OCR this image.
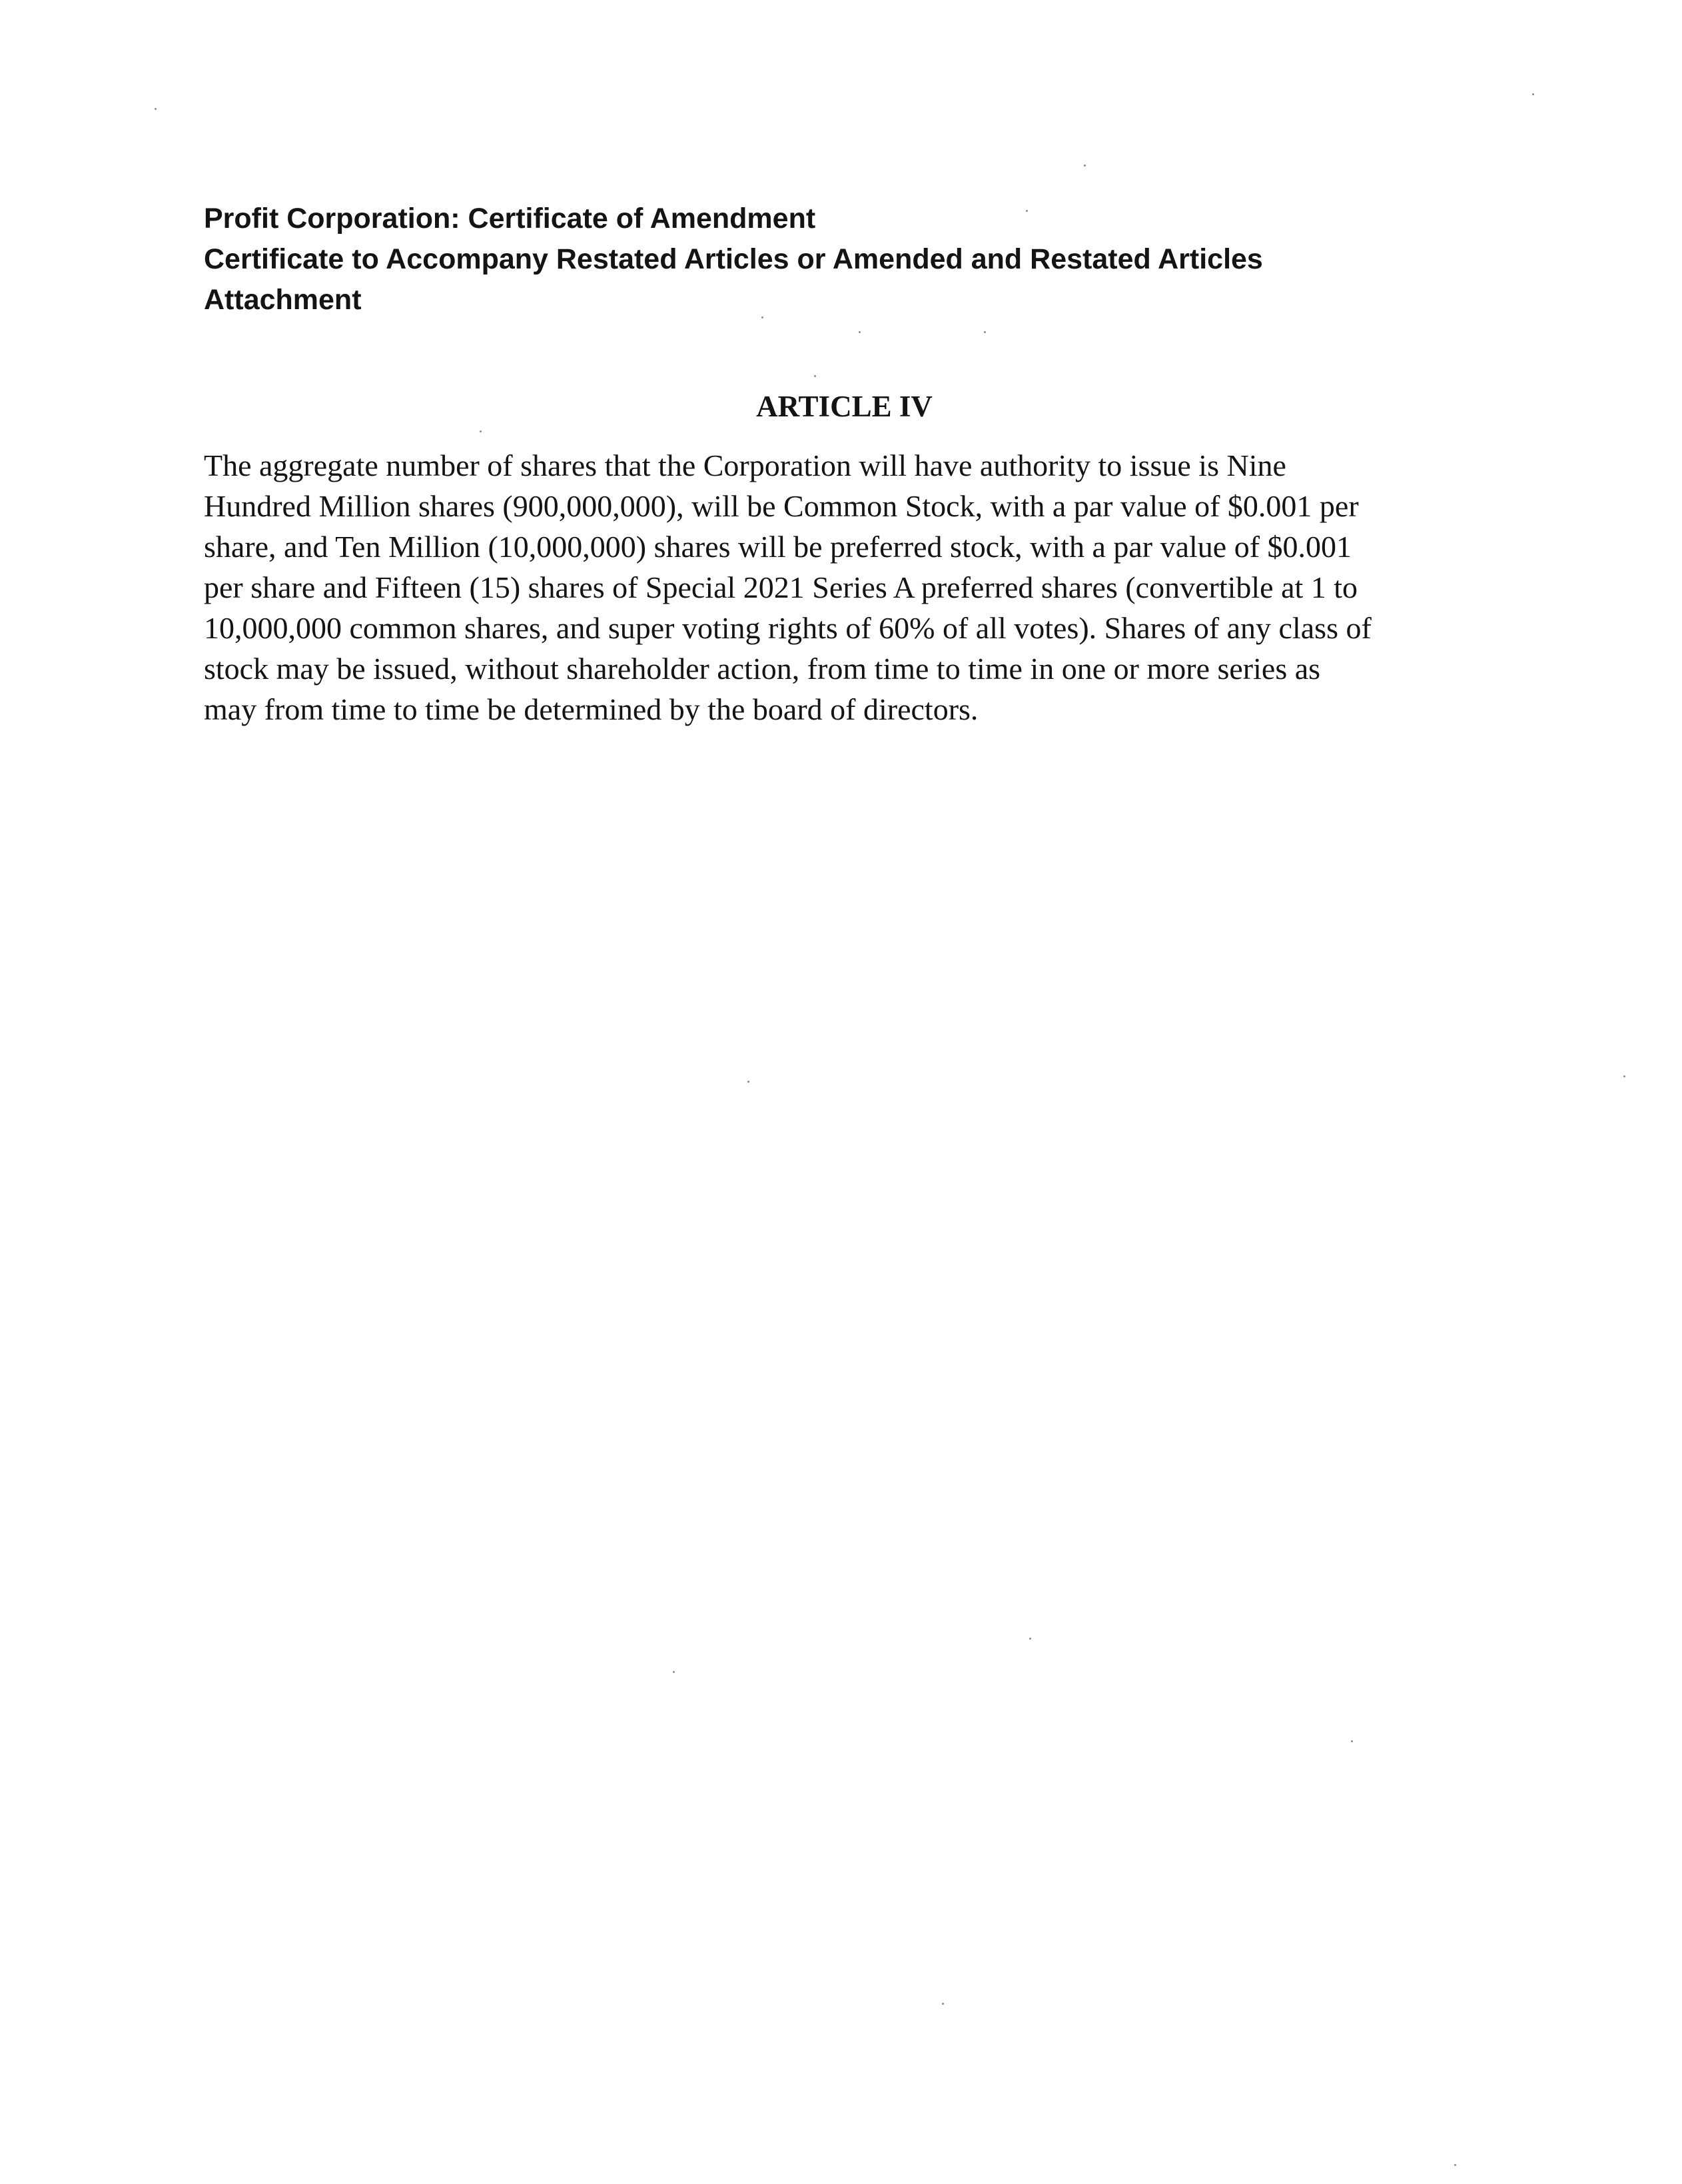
Profit Corporation: Certificate of Amendment
Certificate to Accompany Restated Articles or Amended and Restated Articles
Attachment
ARTICLE IV
The aggregate number of shares that the Corporation will have authority to issue is Nine
Hundred Million shares (900,000,000), will be Common Stock, with a par value of $0.001 per
share, and Ten Million (10,000,000) shares will be preferred stock, with a par value of $0.001
per share and Fifteen (15) shares of Special 2021 Series A preferred shares (convertible at 1 to
10,000,000 common shares, and super voting rights of 60% of all votes). Shares of any class of
stock may be issued, without shareholder action, from time to time in one or more series as
may from time to time be determined by the board of directors.
